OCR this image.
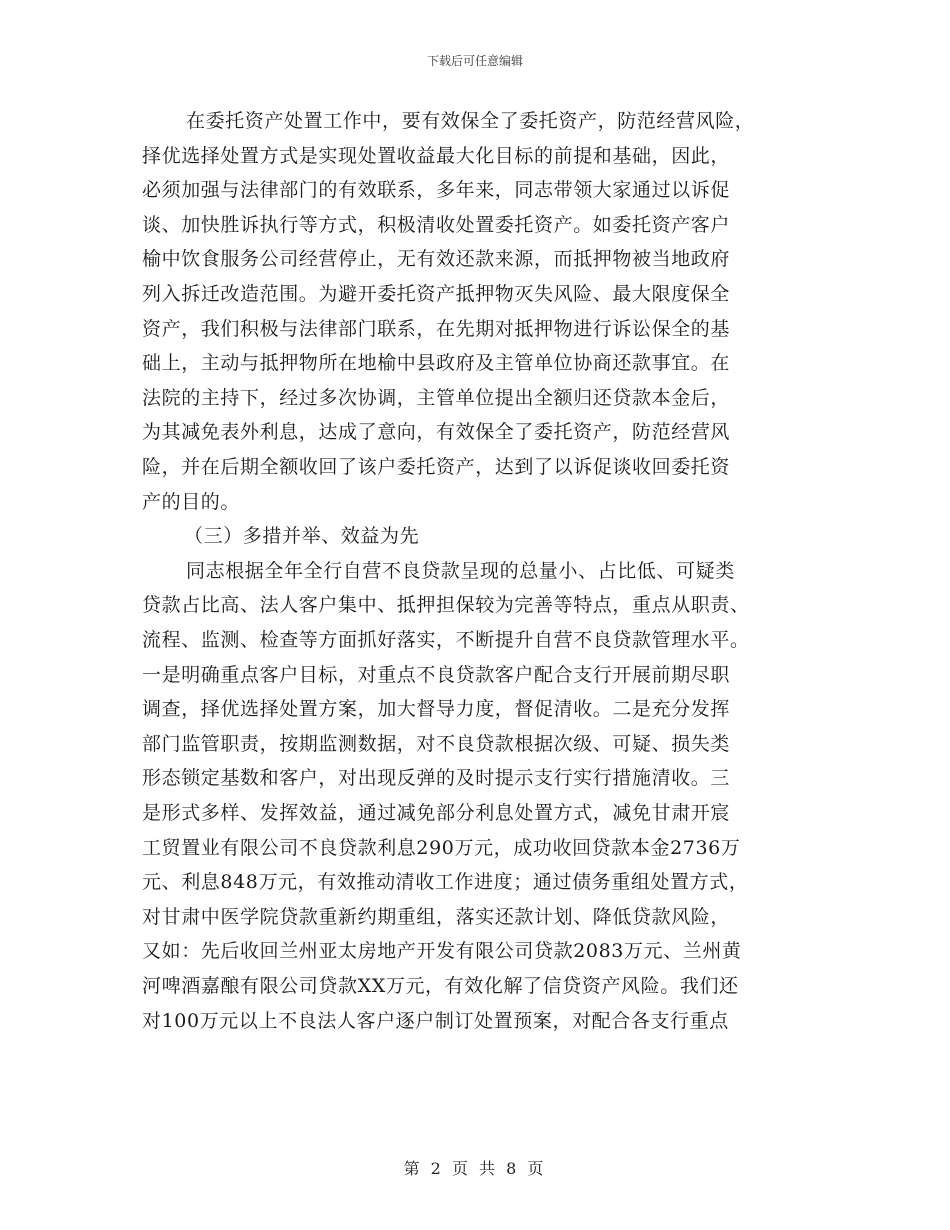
下载后可任意编辑
在委托资产处置工作中，要有效保全了委托资产，防范经营风险，
择优选择处置方式是实现处置收益最大化目标的前提和基础，因此，
必须加强与法律部门的有效联系，多年来，同志带领大家通过以诉促
谈、加快胜诉执行等方式，积极清收处置委托资产。如委托资产客户
榆中饮食服务公司经营停止，无有效还款来源，而抵押物被当地政府
列入拆迁改造范围。为避开委托资产抵押物灭失风险、最大限度保全
资产，我们积极与法律部门联系，在先期对抵押物进行诉讼保全的基
础上，主动与抵押物所在地榆中县政府及主管单位协商还款事宜。在
法院的主持下，经过多次协调，主管单位提出全额归还贷款本金后，
为其减免表外利息，达成了意向，有效保全了委托资产，防范经营风
险，并在后期全额收回了该户委托资产，达到了以诉促谈收回委托资
产的目的。
（三）多措并举、效益为先
同志根据全年全行自营不良贷款呈现的总量小、占比低、可疑类
贷款占比高、法人客户集中、抵押担保较为完善等特点，重点从职责、
流程、监测、检查等方面抓好落实，不断提升自营不良贷款管理水平。
一是明确重点客户目标，对重点不良贷款客户配合支行开展前期尽职
调查，择优选择处置方案，加大督导力度，督促清收。二是充分发挥
部门监管职责，按期监测数据，对不良贷款根据次级、可疑、损失类
形态锁定基数和客户，对出现反弹的及时提示支行实行措施清收。三
是形式多样、发挥效益，通过减免部分利息处置方式，减免甘肃开宸
工贸置业有限公司不良贷款利息290万元，成功收回贷款本金2736万
元、利息848万元，有效推动清收工作进度；通过债务重组处置方式，
对甘肃中医学院贷款重新约期重组，落实还款计划、降低贷款风险，
又如：先后收回兰州亚太房地产开发有限公司贷款2083万元、兰州黄
河啤酒嘉酿有限公司贷款XX万元，有效化解了信贷资产风险。我们还
对100万元以上不良法人客户逐户制订处置预案，对配合各支行重点
第 2 页 共 8 页
